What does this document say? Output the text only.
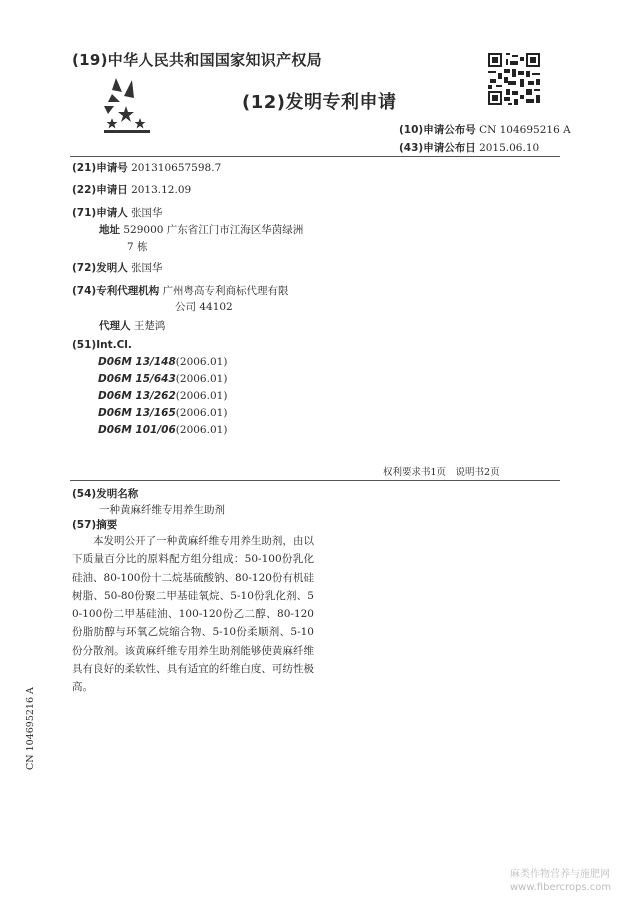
(19)中华人民共和国国家知识产权局
(12)发明专利申请
(10)申请公布号 CN 104695216 A
(43)申请公布日 2015.06.10
(21)申请号 201310657598.7
(22)申请日 2013.12.09
(71)申请人 张国华
地址 529000 广东省江门市江海区华茵绿洲
7 栋
(72)发明人 张国华
(74)专利代理机构 广州粤高专利商标代理有限
公司 44102
代理人 王楚鸿
(51)Int.Cl.
D06M 13/148(2006.01)
D06M 15/643(2006.01)
D06M 13/262(2006.01)
D06M 13/165(2006.01)
D06M 101/06(2006.01)
权利要求书1页　说明书2页
(54)发明名称
一种黄麻纤维专用养生助剂
(57)摘要
本发明公开了一种黄麻纤维专用养生助剂，由以下质量百分比的原料配方组分组成：50-100份乳化硅油、80-100份十二烷基硫酸钠、80-120份有机硅树脂、50-80份聚二甲基硅氧烷、5-10份乳化剂、50-100份二甲基硅油、100-120份乙二醇、80-120份脂肪醇与环氧乙烷缩合物、5-10份柔顺剂、5-10份分散剂。该黄麻纤维专用养生助剂能够使黄麻纤维具有良好的柔软性、具有适宜的纤维白度、可纺性极高。
CN 104695216 A
麻类作物营养与施肥网
www.fibercrops.com
